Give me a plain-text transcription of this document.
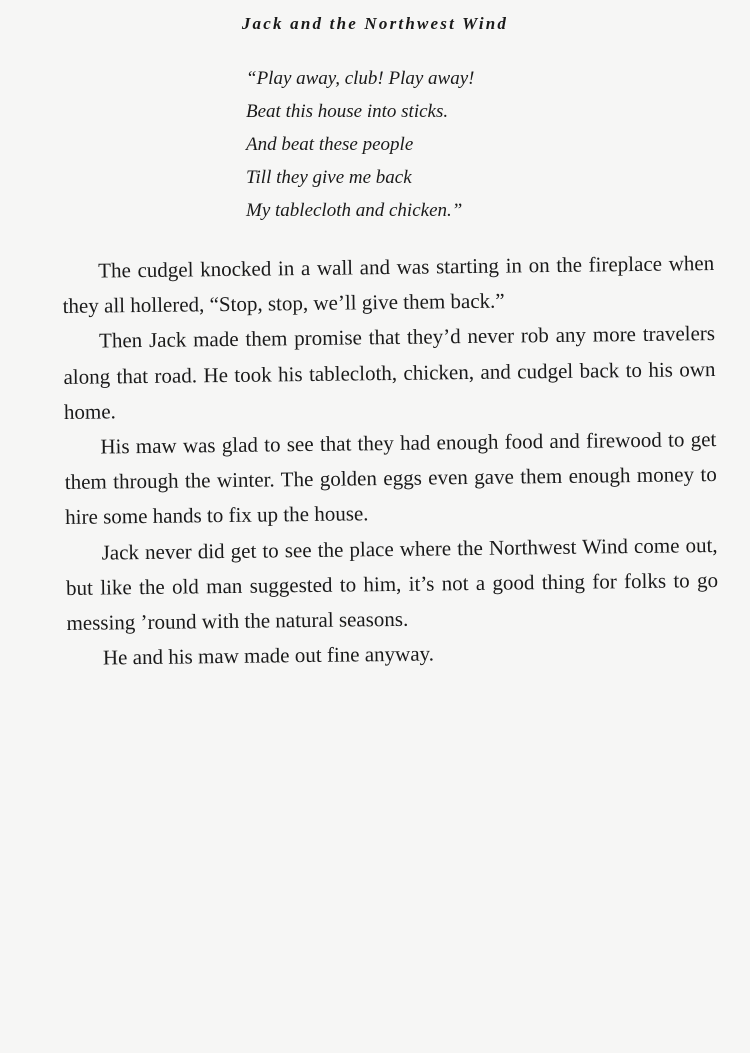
Jack and the Northwest Wind
“Play away, club! Play away!
Beat this house into sticks.
And beat these people
Till they give me back
My tablecloth and chicken.”

The cudgel knocked in a wall and was starting in on the fireplace when they all hollered, “Stop, stop, we’ll give them back.”

Then Jack made them promise that they’d never rob any more travelers along that road. He took his tablecloth, chicken, and cudgel back to his own home.

His maw was glad to see that they had enough food and firewood to get them through the winter. The golden eggs even gave them enough money to hire some hands to fix up the house.

Jack never did get to see the place where the Northwest Wind come out, but like the old man suggested to him, it’s not a good thing for folks to go messing ’round with the natural seasons.

He and his maw made out fine anyway.
